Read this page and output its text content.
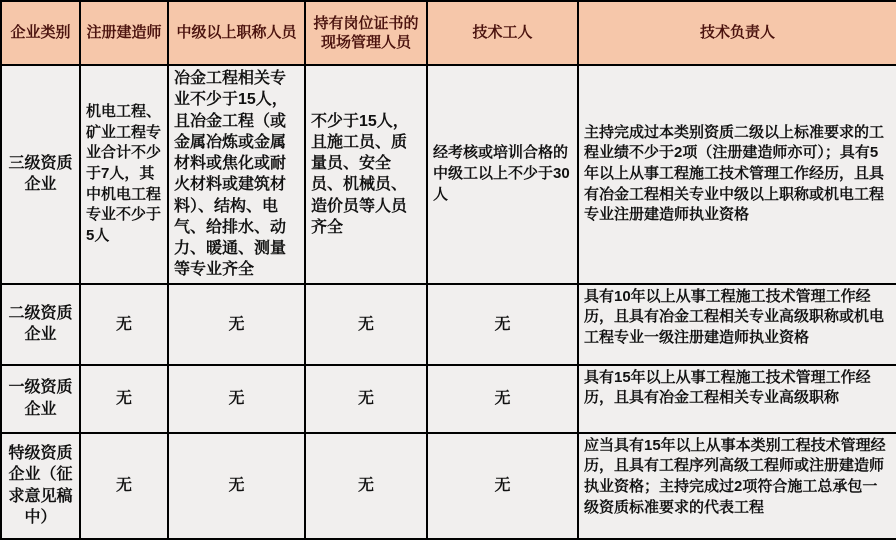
企业类别	注册建造师	中级以上职称人员	持有岗位证书的现场管理人员	技术工人	技术负责人
三级资质企业	机电工程、矿业工程专业合计不少于7人，其中机电工程专业不少于5人	冶金工程相关专业不少于15人，且冶金工程（或金属冶炼或金属材料或焦化或耐火材料或建筑材料）、结构、电气、给排水、动力、暖通、测量等专业齐全	不少于15人，且施工员、质量员、安全员、机械员、造价员等人员齐全	经考核或培训合格的中级工以上不少于30人	主持完成过本类别资质二级以上标准要求的工程业绩不少于2项（注册建造师亦可）；具有5年以上从事工程施工技术管理工作经历，且具有冶金工程相关专业中级以上职称或机电工程专业注册建造师执业资格
二级资质企业	无	无	无	无	具有10年以上从事工程施工技术管理工作经历，且具有冶金工程相关专业高级职称或机电工程专业一级注册建造师执业资格
一级资质企业	无	无	无	无	具有15年以上从事工程施工技术管理工作经历，且具有冶金工程相关专业高级职称
特级资质企业（征求意见稿中）	无	无	无	无	应当具有15年以上从事本类别工程技术管理经历，且具有工程序列高级工程师或注册建造师执业资格；主持完成过2项符合施工总承包一级资质标准要求的代表工程
